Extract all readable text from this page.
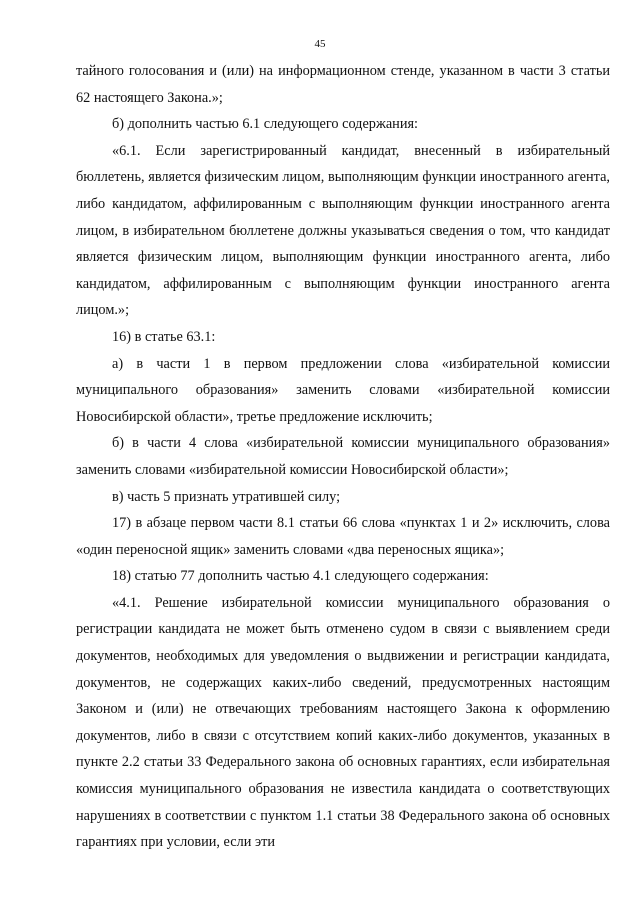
45

тайного голосования и (или) на информационном стенде, указанном в части 3 статьи 62 настоящего Закона.»;

б) дополнить частью 6.1 следующего содержания:

«6.1. Если зарегистрированный кандидат, внесенный в избирательный бюллетень, является физическим лицом, выполняющим функции иностранного агента, либо кандидатом, аффилированным с выполняющим функции иностранного агента лицом, в избирательном бюллетене должны указываться сведения о том, что кандидат является физическим лицом, выполняющим функции иностранного агента, либо кандидатом, аффилированным с выполняющим функции иностранного агента лицом.»;

16) в статье 63.1:

а) в части 1 в первом предложении слова «избирательной комиссии муниципального образования» заменить словами «избирательной комиссии Новосибирской области», третье предложение исключить;

б) в части 4 слова «избирательной комиссии муниципального образования» заменить словами «избирательной комиссии Новосибирской области»;

в) часть 5 признать утратившей силу;

17) в абзаце первом части 8.1 статьи 66 слова «пунктах 1 и 2» исключить, слова «один переносной ящик» заменить словами «два переносных ящика»;

18) статью 77 дополнить частью 4.1 следующего содержания:

«4.1. Решение избирательной комиссии муниципального образования о регистрации кандидата не может быть отменено судом в связи с выявлением среди документов, необходимых для уведомления о выдвижении и регистрации кандидата, документов, не содержащих каких-либо сведений, предусмотренных настоящим Законом и (или) не отвечающих требованиям настоящего Закона к оформлению документов, либо в связи с отсутствием копий каких-либо документов, указанных в пункте 2.2 статьи 33 Федерального закона об основных гарантиях, если избирательная комиссия муниципального образования не известила кандидата о соответствующих нарушениях в соответствии с пунктом 1.1 статьи 38 Федерального закона об основных гарантиях при условии, если эти
